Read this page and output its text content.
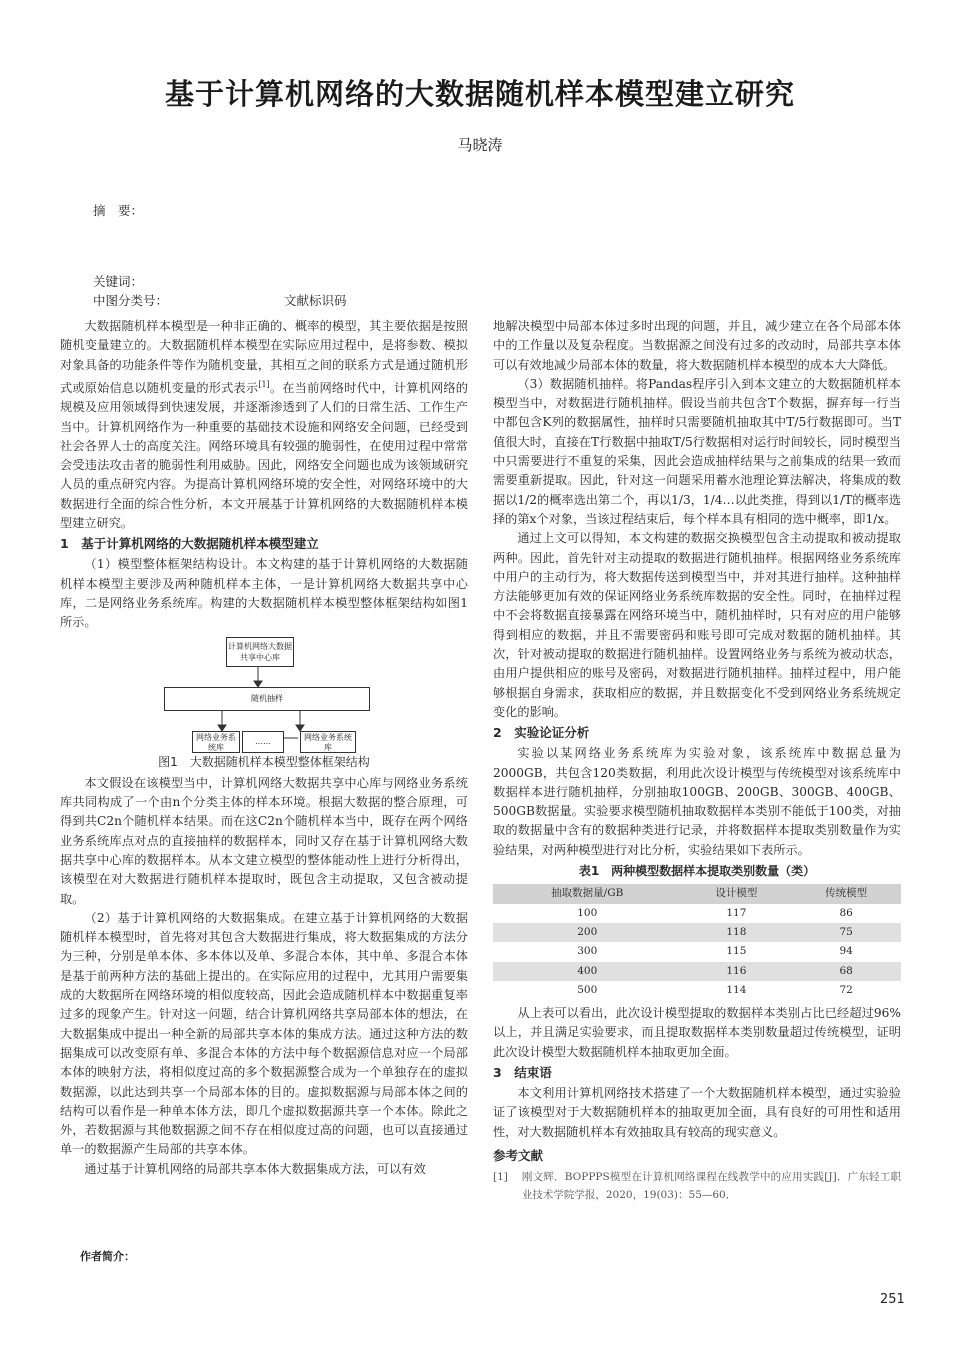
基于计算机网络的大数据随机样本模型建立研究
马晓涛
摘　要：
关键词：
中图分类号：	文献标识码

大数据随机样本模型是一种非正确的、概率的模型，其主要依据是按照随机变量建立的。大数据随机样本模型在实际应用过程中，是将参数、模拟对象具备的功能条件等作为随机变量，其相互之间的联系方式是通过随机形式或原始信息以随机变量的形式表示[1]。在当前网络时代中，计算机网络的规模及应用领域得到快速发展，并逐渐渗透到了人们的日常生活、工作生产当中。计算机网络作为一种重要的基础技术设施和网络安全问题，已经受到社会各界人士的高度关注。网络环境具有较强的脆弱性，在使用过程中常常会受违法攻击者的脆弱性利用威胁。因此，网络安全问题也成为该领域研究人员的重点研究内容。为提高计算机网络环境的安全性，对网络环境中的大数据进行全面的综合性分析，本文开展基于计算机网络的大数据随机样本模型建立研究。

1　基于计算机网络的大数据随机样本模型建立

（1）模型整体框架结构设计。本文构建的基于计算机网络的大数据随机样本模型主要涉及两种随机样本主体，一是计算机网络大数据共享中心库，二是网络业务系统库。构建的大数据随机样本模型整体框架结构如图1所示。

计算机网络大数据共享中心库
随机抽样
网络业务系统库
……	网络业务系统库
图1　大数据随机样本模型整体框架结构

本文假设在该模型当中，计算机网络大数据共享中心库与网络业务系统库共同构成了一个由n个分类主体的样本环境。根据大数据的整合原理，可得到共C2n个随机样本结果。而在这C2n个随机样本当中，既存在两个网络业务系统库点对点的直接抽样的数据样本，同时又存在基于计算机网络大数据共享中心库的数据样本。从本文建立模型的整体能动性上进行分析得出，该模型在对大数据进行随机样本提取时，既包含主动提取，又包含被动提取。

（2）基于计算机网络的大数据集成。在建立基于计算机网络的大数据随机样本模型时，首先将对其包含大数据进行集成，将大数据集成的方法分为三种，分别是单本体、多本体以及单、多混合本体，其中单、多混合本体是基于前两种方法的基础上提出的。在实际应用的过程中，尤其用户需要集成的大数据所在网络环境的相似度较高，因此会造成随机样本中数据重复率过多的现象产生。针对这一问题，结合计算机网络共享局部本体的想法，在大数据集成中提出一种全新的局部共享本体的集成方法。通过这种方法的数据集成可以改变原有单、多混合本体的方法中每个数据源信息对应一个局部本体的映射方法，将相似度过高的多个数据源整合成为一个单独存在的虚拟数据源，以此达到共享一个局部本体的目的。虚拟数据源与局部本体之间的结构可以看作是一种单本体方法，即几个虚拟数据源共享一个本体。除此之外，若数据源与其他数据源之间不存在相似度过高的问题，也可以直接通过单一的数据源产生局部的共享本体。

通过基于计算机网络的局部共享本体大数据集成方法，可以有效

作者简介：

地解决模型中局部本体过多时出现的问题，并且，减少建立在各个局部本体中的工作量以及复杂程度。当数据源之间没有过多的改动时，局部共享本体可以有效地减少局部本体的数量，将大数据随机样本模型的成本大大降低。

（3）数据随机抽样。将Pandas程序引入到本文建立的大数据随机样本模型当中，对数据进行随机抽样。假设当前共包含T个数据，摒弃每一行当中都包含K列的数据属性，抽样时只需要随机抽取其中T/5行数据即可。当T值很大时，直接在T行数据中抽取T/5行数据相对运行时间较长，同时模型当中只需要进行不重复的采集，因此会造成抽样结果与之前集成的结果一致而需要重新提取。因此，针对这一问题采用蓄水池理论算法解决，将集成的数据以1/2的概率选出第二个，再以1/3，1/4…以此类推，得到以1/T的概率选择的第x个对象，当该过程结束后，每个样本具有相同的选中概率，即1/x。

通过上文可以得知，本文构建的数据交换模型包含主动提取和被动提取两种。因此，首先针对主动提取的数据进行随机抽样。根据网络业务系统库中用户的主动行为，将大数据传送到模型当中，并对其进行抽样。这种抽样方法能够更加有效的保证网络业务系统库数据的安全性。同时，在抽样过程中不会将数据直接暴露在网络环境当中，随机抽样时，只有对应的用户能够得到相应的数据，并且不需要密码和账号即可完成对数据的随机抽样。其次，针对被动提取的数据进行随机抽样。设置网络业务与系统为被动状态，由用户提供相应的账号及密码，对数据进行随机抽样。抽样过程中，用户能够根据自身需求，获取相应的数据，并且数据变化不受到网络业务系统规定变化的影响。

2　实验论证分析

实验以某网络业务系统库为实验对象，该系统库中数据总量为2000GB，共包含120类数据，利用此次设计模型与传统模型对该系统库中数据样本进行随机抽样，分别抽取100GB、200GB、300GB、400GB、500GB数据量。实验要求模型随机抽取数据样本类别不能低于100类，对抽取的数据量中含有的数据种类进行记录，并将数据样本提取类别数量作为实验结果，对两种模型进行对比分析，实验结果如下表所示。

表1　两种模型数据样本提取类别数量（类）
抽取数据量/GB	设计模型	传统模型
100	117	86
200	118	75
300	115	94
400	116	68
500	114	72

从上表可以看出，此次设计模型提取的数据样本类别占比已经超过96%以上，并且满足实验要求，而且提取数据样本类别数量超过传统模型，证明此次设计模型大数据随机样本抽取更加全面。

3　结束语

本文利用计算机网络技术搭建了一个大数据随机样本模型，通过实验验证了该模型对于大数据随机样本的抽取更加全面，具有良好的可用性和适用性，对大数据随机样本有效抽取具有较高的现实意义。

参考文献

[1] 刚文辉．BOPPPS模型在计算机网络课程在线教学中的应用实践[J]．广东轻工职业技术学院学报，2020，19(03)：55—60．
251
